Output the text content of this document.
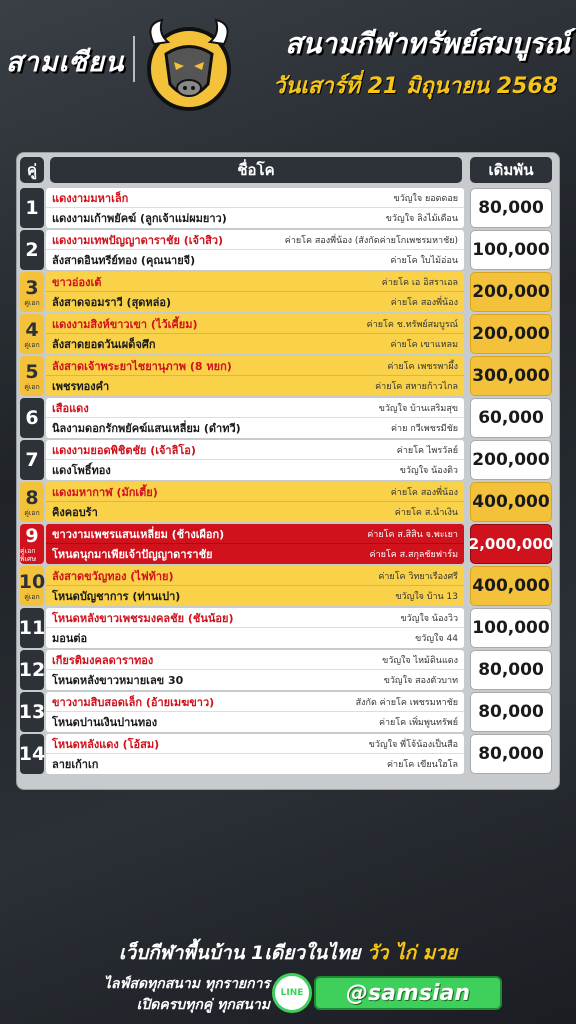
สามเซียน
สนามกีฬาทรัพย์สมบูรณ์
วันเสาร์ที่ 21 มิถุนายน 2568
คู่	ชื่อโค	เดิมพัน
1 แดงงามมหาเล็ก	ขวัญใจ ยอดดอย
แดงงามเก้าพยัคฆ์ (ลูกเจ้าแม่ผมยาว)	ขวัญใจ ลิงไม้เดือน
80,000
2 แดงงามเทพปัญญาดาราชัย (เจ้าสิว)	ค่ายโค สองพี่น้อง (สังกัดค่ายโกเพชรมหาชัย)
ลังสาดอินทรีย์ทอง (คุณนายจี)	ค่ายโค ใบไม้อ่อน
100,000
3
คู่เอก
ขาวอ่องเต้	ค่ายโค เอ อิสราเอล
ลังสาดจอมราวี (สุดหล่อ)	ค่ายโค สองพี่น้อง
200,000
4
คู่เอก
แดงงามสิงห์ขาวเขา (ไว้เคี้ยม)	ค่ายโค ช.ทรัพย์สมบูรณ์
ลังสาดยอดวันเผด็จศึก	ค่ายโค เขาแหลม
200,000
5
คู่เอก
ลังสาดเจ้าพระยาไชยานุภาพ (8 หยก)	ค่ายโค เพชรพาผึ้ง
เพชรทองคำ	ค่ายโค สหายก้าวไกล
300,000
6 เสือแดง	ขวัญใจ บ้านเสริมสุข
นิลงามดอกรักพยัคฆ์แสนเหลี่ยม (ดำทวี)	ค่าย กวีเพชรมีชัย
60,000
7 แดงงามยอดพิชิตชัย (เจ้าลิโอ)	ค่ายโค ไพรวัลย์
แดงโพธิ์ทอง	ขวัญใจ น้องติว
200,000
8
คู่เอก
แดงมหากาฬ (มักเตี้ย)	ค่ายโค สองพี่น้อง
คิงคอบร้า	ค่ายโค ส.นำเงิน
400,000
9
คู่เอกพิเศษ
ขาวงามเพชรแสนเหลี่ยม (ช้างเผือก)	ค่ายโค ส.สิสิน จ.พะเยา
โหนดนุกมาเพียเจ้าปัญญาดาราชัย	ค่ายโค ส.สกุลชัยฟาร์ม
2,000,000
10
คู่เอก
ลังสาดขวัญทอง (ไฟท้าย)	ค่ายโค วิทยาเรืองศรี
โหนดบัญชาการ (ท่านเปา)	ขวัญใจ บ้าน 13
400,000
11 โหนดหลังขาวเพชรมงคลชัย (ชันน้อย)	ขวัญใจ น้องวิว
มอนต่อ	ขวัญใจ 44
100,000
12 เกียรติมงคลดาราทอง	ขวัญใจ ไหม้ดินแดง
โหนดหลังขาวหมายเลข 30	ขวัญใจ สองตัวบาท
80,000
13 ขาวงามสิบสอดเล็ก (อ้ายเมฆขาว)	สังกัด ค่ายโค เพชรมหาชัย
โหนดปานเงินปานทอง	ค่ายโค เพิ่มพูนทรัพย์
80,000
14 โหนดหลังแดง (โอ้สม)	ขวัญใจ พี่โจ้น้องเป็นสือ
ลายเก้าเก	ค่ายโค เขียนใฮโล
80,000
เว็บกีฬาพื้นบ้าน 1เดียวในไทย วัว ไก่ มวย
ไลฟ์สดทุกสนาม ทุกรายการ
เปิดครบทุกคู่ ทุกสนาม
LINE	@samsian
